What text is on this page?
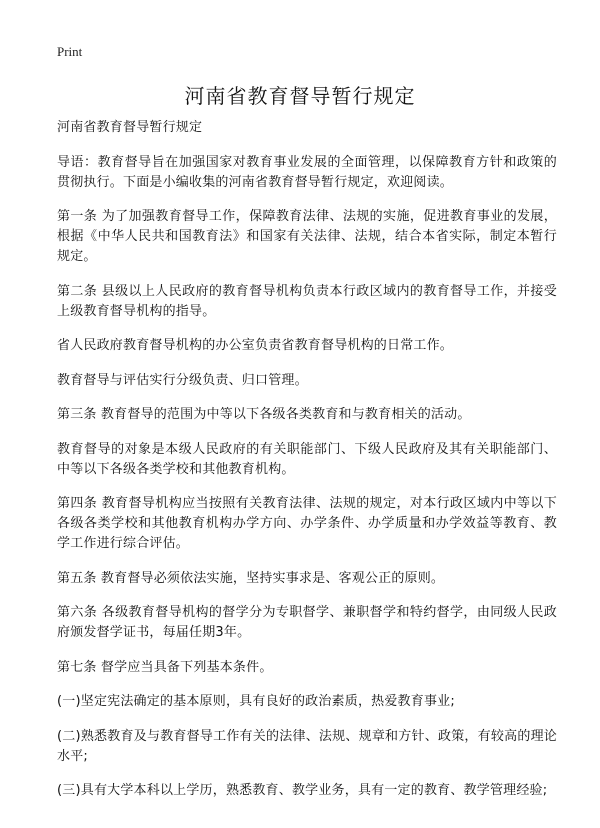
Print
河南省教育督导暂行规定

河南省教育督导暂行规定

导语：教育督导旨在加强国家对教育事业发展的全面管理，以保障教育方针和政策的贯彻执行。下面是小编收集的河南省教育督导暂行规定，欢迎阅读。

第一条 为了加强教育督导工作，保障教育法律、法规的实施，促进教育事业的发展，根据《中华人民共和国教育法》和国家有关法律、法规，结合本省实际，制定本暂行规定。

第二条 县级以上人民政府的教育督导机构负责本行政区域内的教育督导工作，并接受上级教育督导机构的指导。

省人民政府教育督导机构的办公室负责省教育督导机构的日常工作。

教育督导与评估实行分级负责、归口管理。

第三条 教育督导的范围为中等以下各级各类教育和与教育相关的活动。

教育督导的对象是本级人民政府的有关职能部门、下级人民政府及其有关职能部门、中等以下各级各类学校和其他教育机构。

第四条 教育督导机构应当按照有关教育法律、法规的规定，对本行政区域内中等以下各级各类学校和其他教育机构办学方向、办学条件、办学质量和办学效益等教育、教学工作进行综合评估。

第五条 教育督导必须依法实施，坚持实事求是、客观公正的原则。

第六条 各级教育督导机构的督学分为专职督学、兼职督学和特约督学，由同级人民政府颁发督学证书，每届任期3年。

第七条 督学应当具备下列基本条件。

(一)坚定宪法确定的基本原则，具有良好的政治素质，热爱教育事业;

(二)熟悉教育及与教育督导工作有关的法律、法规、规章和方针、政策，有较高的理论水平;

(三)具有大学本科以上学历，熟悉教育、教学业务，具有一定的教育、教学管理经验;
